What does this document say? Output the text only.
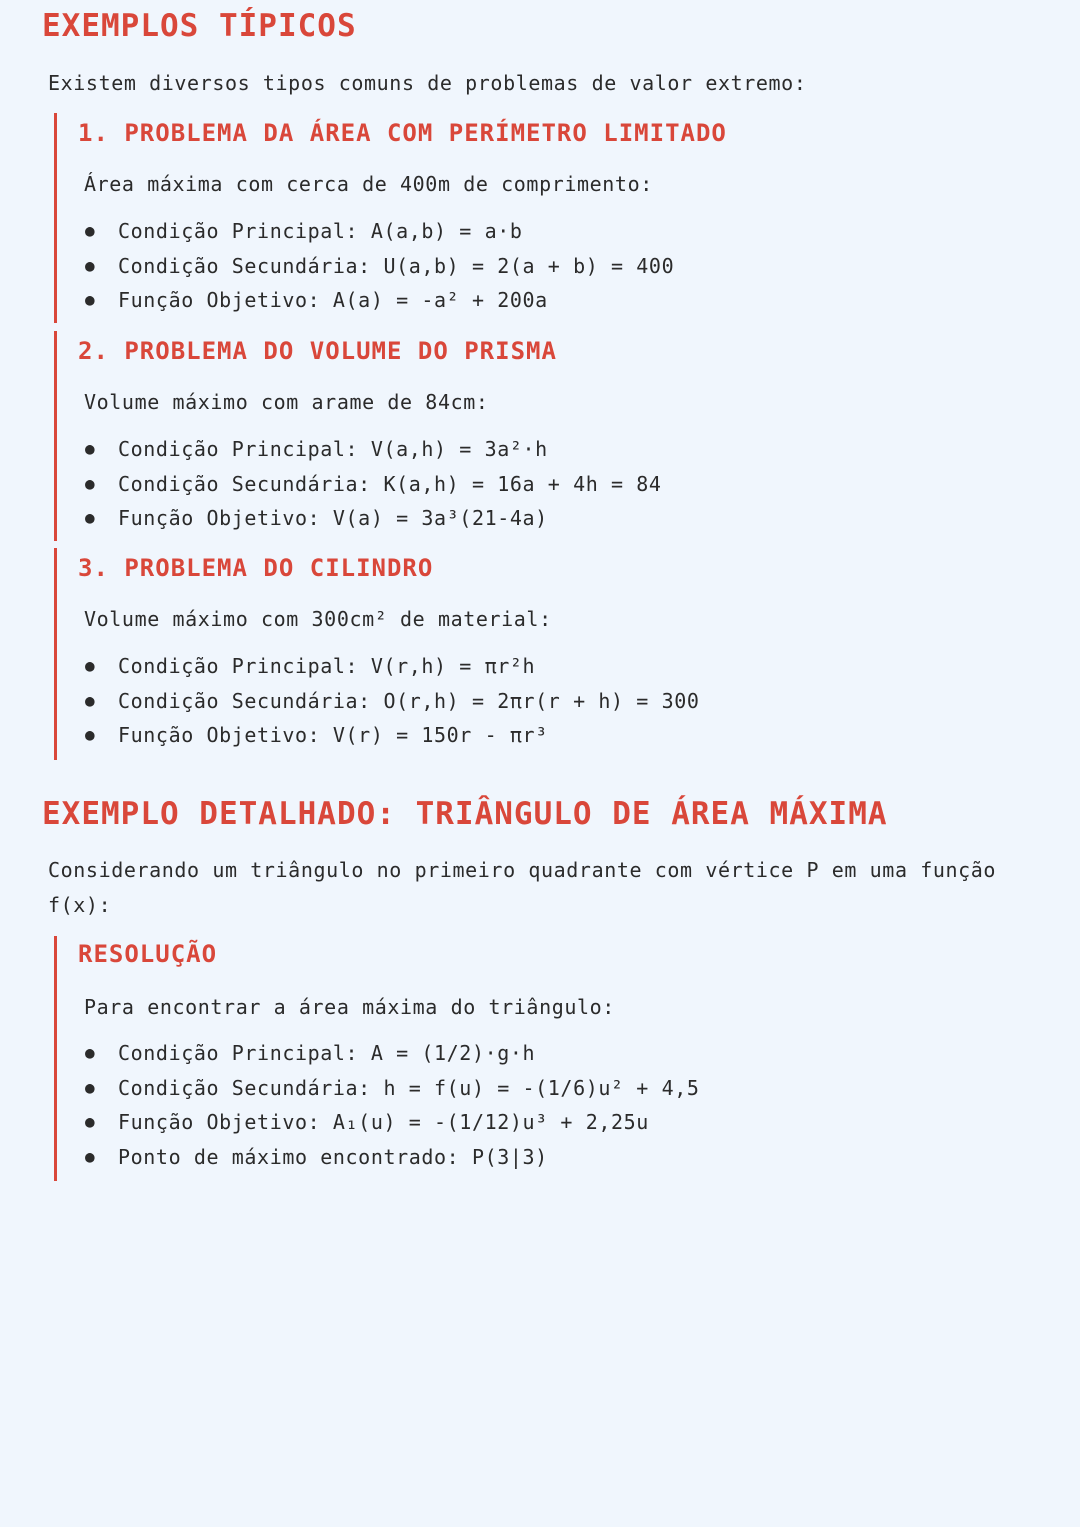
EXEMPLOS TÍPICOS

Existem diversos tipos comuns de problemas de valor extremo:

1. PROBLEMA DA ÁREA COM PERÍMETRO LIMITADO

Área máxima com cerca de 400m de comprimento:

● Condição Principal: A(a,b) = a·b
● Condição Secundária: U(a,b) = 2(a + b) = 400
● Função Objetivo: A(a) = -a² + 200a
2. PROBLEMA DO VOLUME DO PRISMA

Volume máximo com arame de 84cm:

● Condição Principal: V(a,h) = 3a²·h
● Condição Secundária: K(a,h) = 16a + 4h = 84
● Função Objetivo: V(a) = 3a³(21-4a)
3. PROBLEMA DO CILINDRO

Volume máximo com 300cm² de material:

● Condição Principal: V(r,h) = πr²h
● Condição Secundária: O(r,h) = 2πr(r + h) = 300
● Função Objetivo: V(r) = 150r - πr³
EXEMPLO DETALHADO: TRIÂNGULO DE ÁREA MÁXIMA

Considerando um triângulo no primeiro quadrante com vértice P em uma função f(x):

RESOLUÇÃO

Para encontrar a área máxima do triângulo:

● Condição Principal: A = (1/2)·g·h
● Condição Secundária: h = f(u) = -(1/6)u² + 4,5
● Função Objetivo: A₁(u) = -(1/12)u³ + 2,25u
● Ponto de máximo encontrado: P(3|3)
